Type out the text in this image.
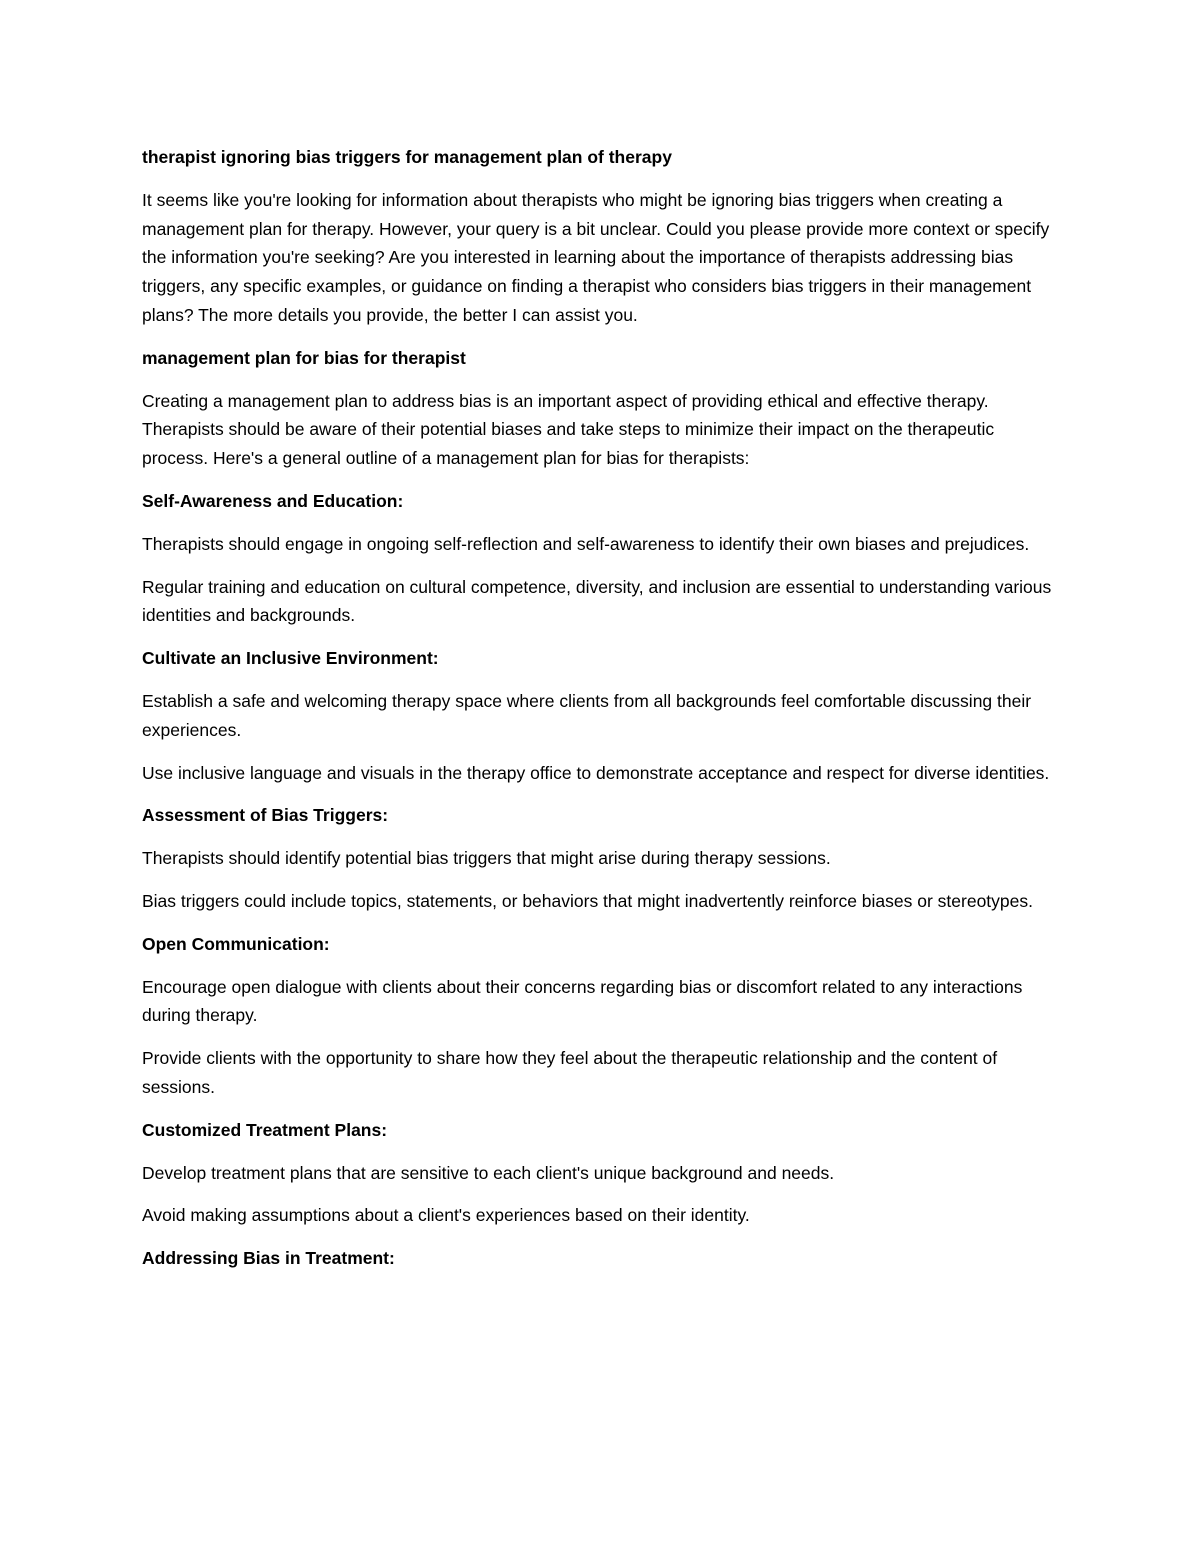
therapist ignoring bias triggers for management plan of therapy
It seems like you're looking for information about therapists who might be ignoring bias triggers when creating a management plan for therapy. However, your query is a bit unclear. Could you please provide more context or specify the information you're seeking? Are you interested in learning about the importance of therapists addressing bias triggers, any specific examples, or guidance on finding a therapist who considers bias triggers in their management plans? The more details you provide, the better I can assist you.
management plan for bias for therapist
Creating a management plan to address bias is an important aspect of providing ethical and effective therapy. Therapists should be aware of their potential biases and take steps to minimize their impact on the therapeutic process. Here's a general outline of a management plan for bias for therapists:
Self-Awareness and Education:
Therapists should engage in ongoing self-reflection and self-awareness to identify their own biases and prejudices.
Regular training and education on cultural competence, diversity, and inclusion are essential to understanding various identities and backgrounds.
Cultivate an Inclusive Environment:
Establish a safe and welcoming therapy space where clients from all backgrounds feel comfortable discussing their experiences.
Use inclusive language and visuals in the therapy office to demonstrate acceptance and respect for diverse identities.
Assessment of Bias Triggers:
Therapists should identify potential bias triggers that might arise during therapy sessions.
Bias triggers could include topics, statements, or behaviors that might inadvertently reinforce biases or stereotypes.
Open Communication:
Encourage open dialogue with clients about their concerns regarding bias or discomfort related to any interactions during therapy.
Provide clients with the opportunity to share how they feel about the therapeutic relationship and the content of sessions.
Customized Treatment Plans:
Develop treatment plans that are sensitive to each client's unique background and needs.
Avoid making assumptions about a client's experiences based on their identity.
Addressing Bias in Treatment:
